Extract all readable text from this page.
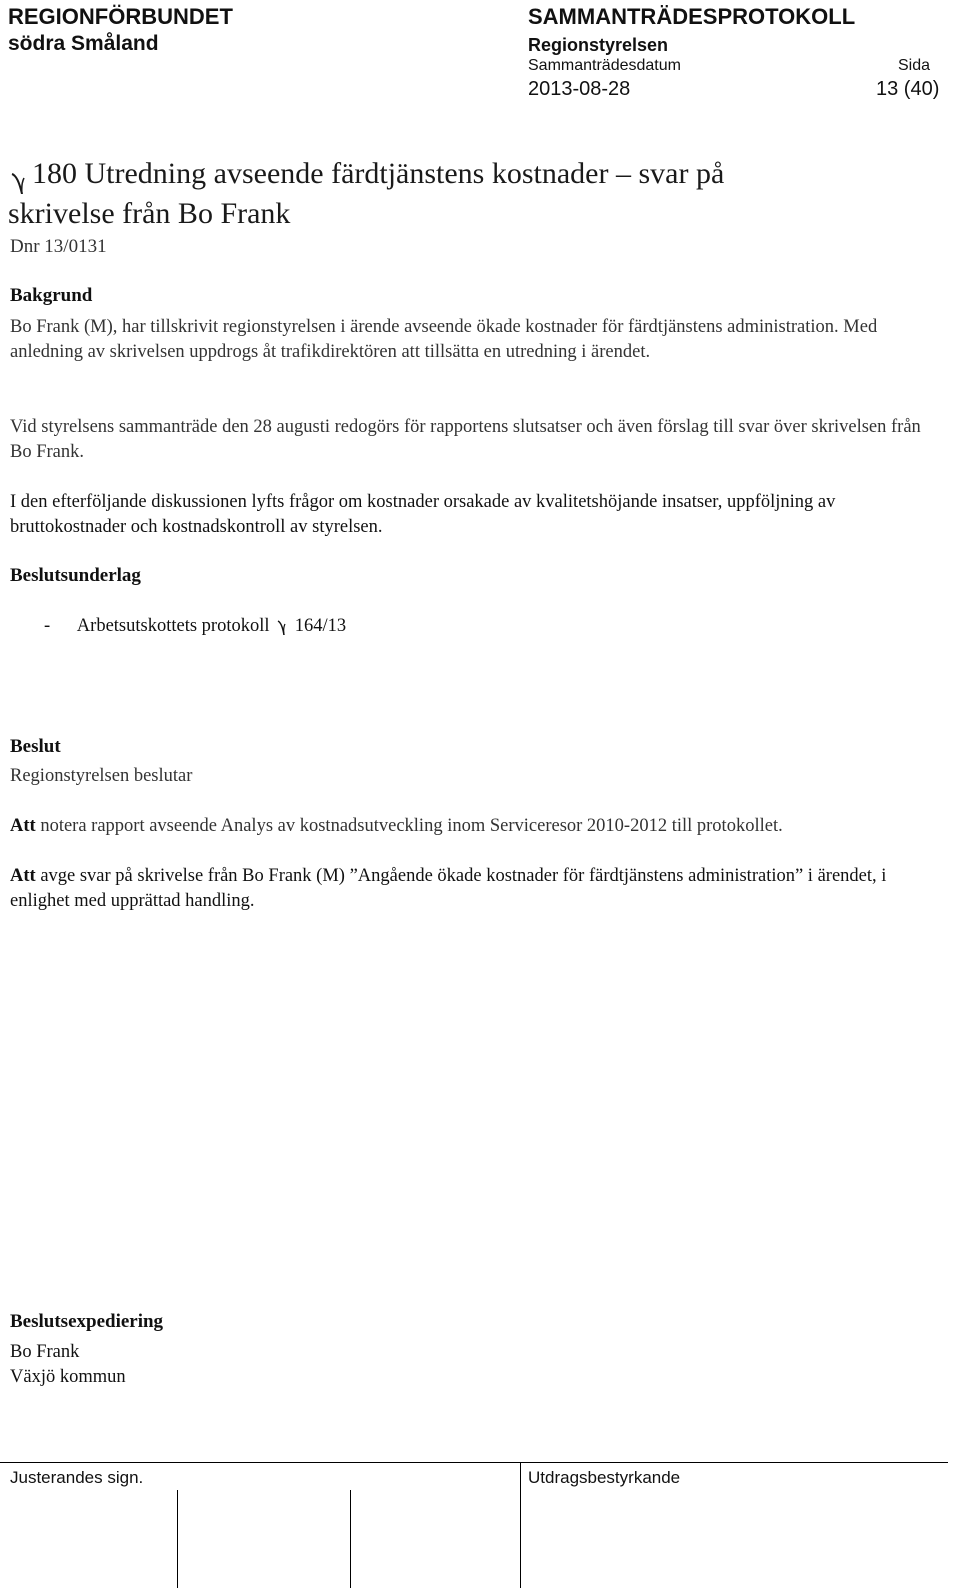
REGIONFÖRBUNDET
södra Småland
SAMMANTRÄDESPROTOKOLL
Regionstyrelsen
Sammanträdesdatum	Sida
2013-08-28	13 (40)
180 Utredning avseende färdtjänstens kostnader – svar på
skrivelse från Bo Frank
Dnr 13/0131
Bakgrund
Bo Frank (M), har tillskrivit regionstyrelsen i ärende avseende ökade kostnader för färdtjänstens administration. Med anledning av skrivelsen uppdrogs åt trafikdirektören att tillsätta en utredning i ärendet.
Vid styrelsens sammanträde den 28 augusti redogörs för rapportens slutsatser och även förslag till svar över skrivelsen från Bo Frank.
I den efterföljande diskussionen lyfts frågor om kostnader orsakade av kvalitetshöjande insatser, uppföljning av bruttokostnader och kostnadskontroll av styrelsen.
Beslutsunderlag
- Arbetsutskottets protokoll 164/13
Beslut
Regionstyrelsen beslutar
Att notera rapport avseende Analys av kostnadsutveckling inom Serviceresor 2010-2012 till protokollet.
Att avge svar på skrivelse från Bo Frank (M) ”Angående ökade kostnader för färdtjänstens administration” i ärendet, i enlighet med upprättad handling.
Beslutsexpediering
Bo Frank
Växjö kommun
Justerandes sign.	Utdragsbestyrkande
